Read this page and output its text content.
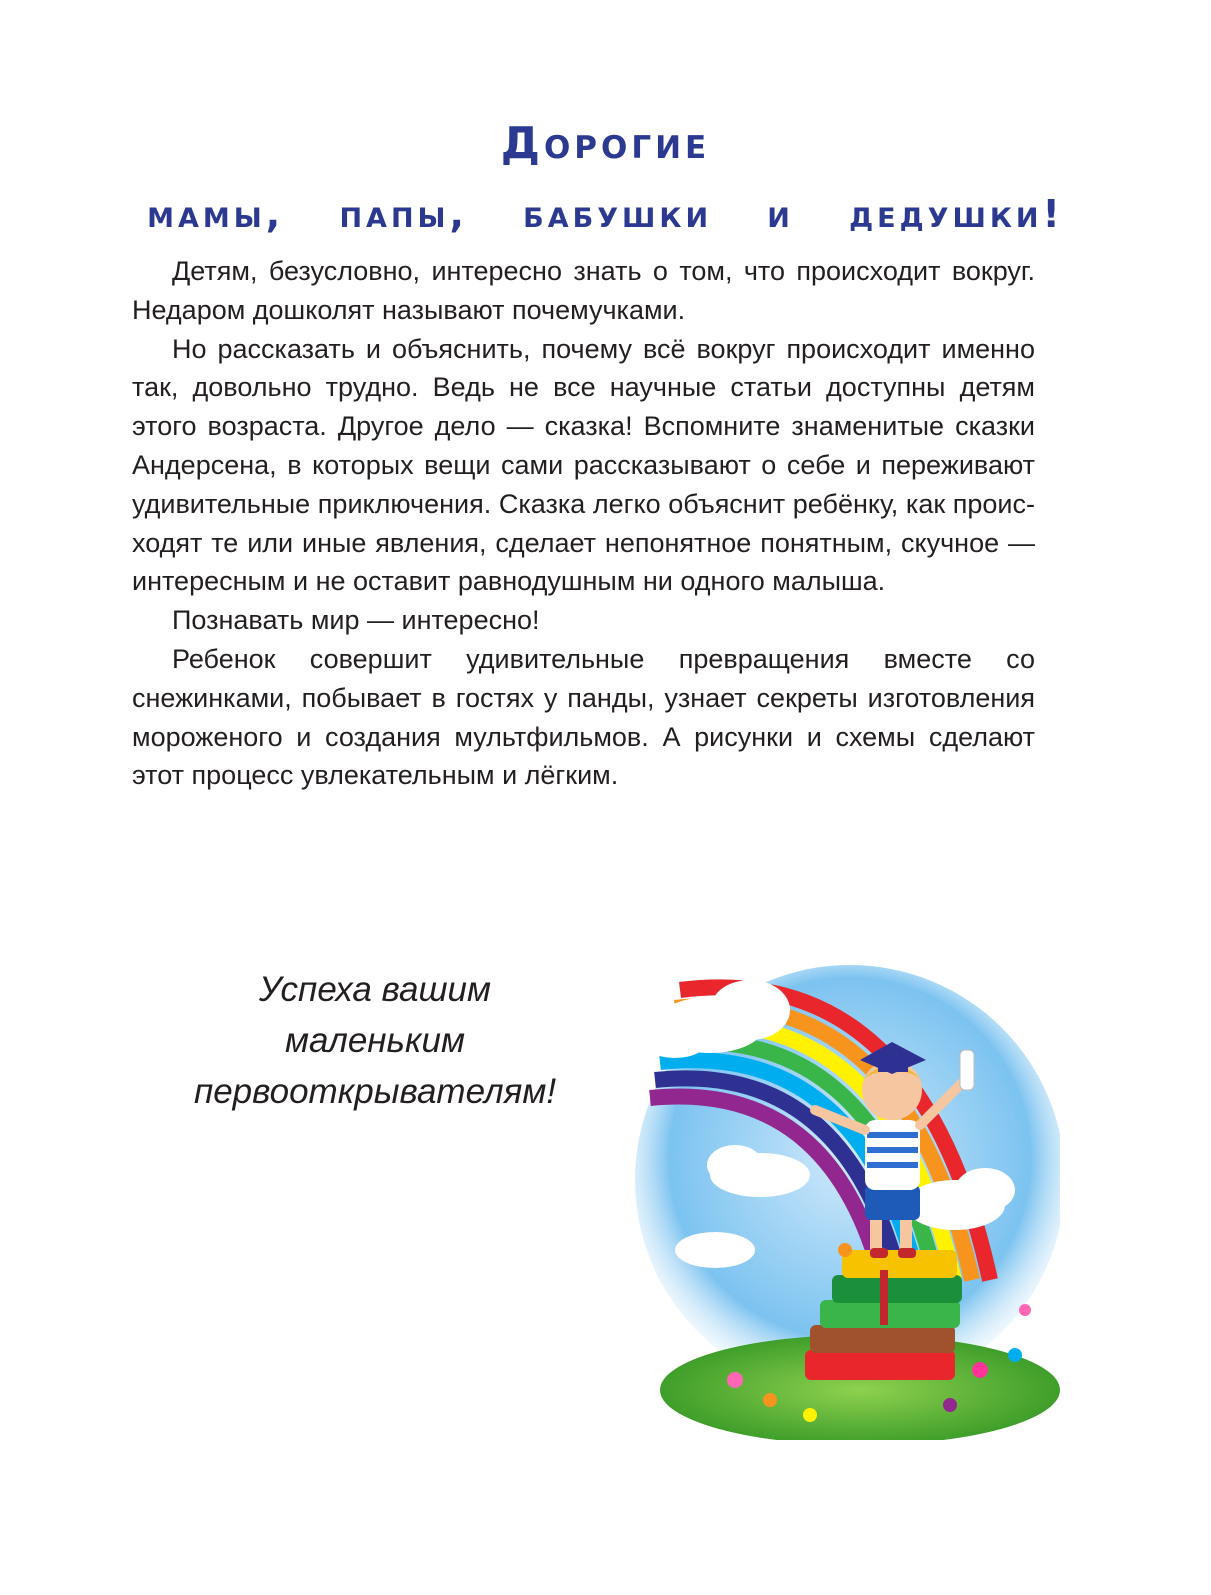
Дорогие
мамы, папы, бабушки и дедушки!

Детям, безусловно, интересно знать о том, что происходит вокруг. Недаром дошколят называют почемучками.

Но рассказать и объяснить, почему всё вокруг происходит именно так, довольно трудно. Ведь не все научные статьи доступны детям этого возраста. Другое дело — сказка! Вспомните знаменитые сказки Андерсена, в которых вещи сами рассказывают о себе и переживают удивительные приключения. Сказка легко объяснит ребёнку, как происходят те или иные явления, сделает непонятное понятным, скучное — интересным и не оставит равнодушным ни одного малыша.

Познавать мир — интересно!

Ребенок совершит удивительные превращения вместе со снежинками, побывает в гостях у панды, узнает секреты изготовления мороженого и создания мультфильмов. А рисунки и схемы сделают этот процесс увлекательным и лёгким.

Успеха вашим
маленьким
первооткрывателям!
